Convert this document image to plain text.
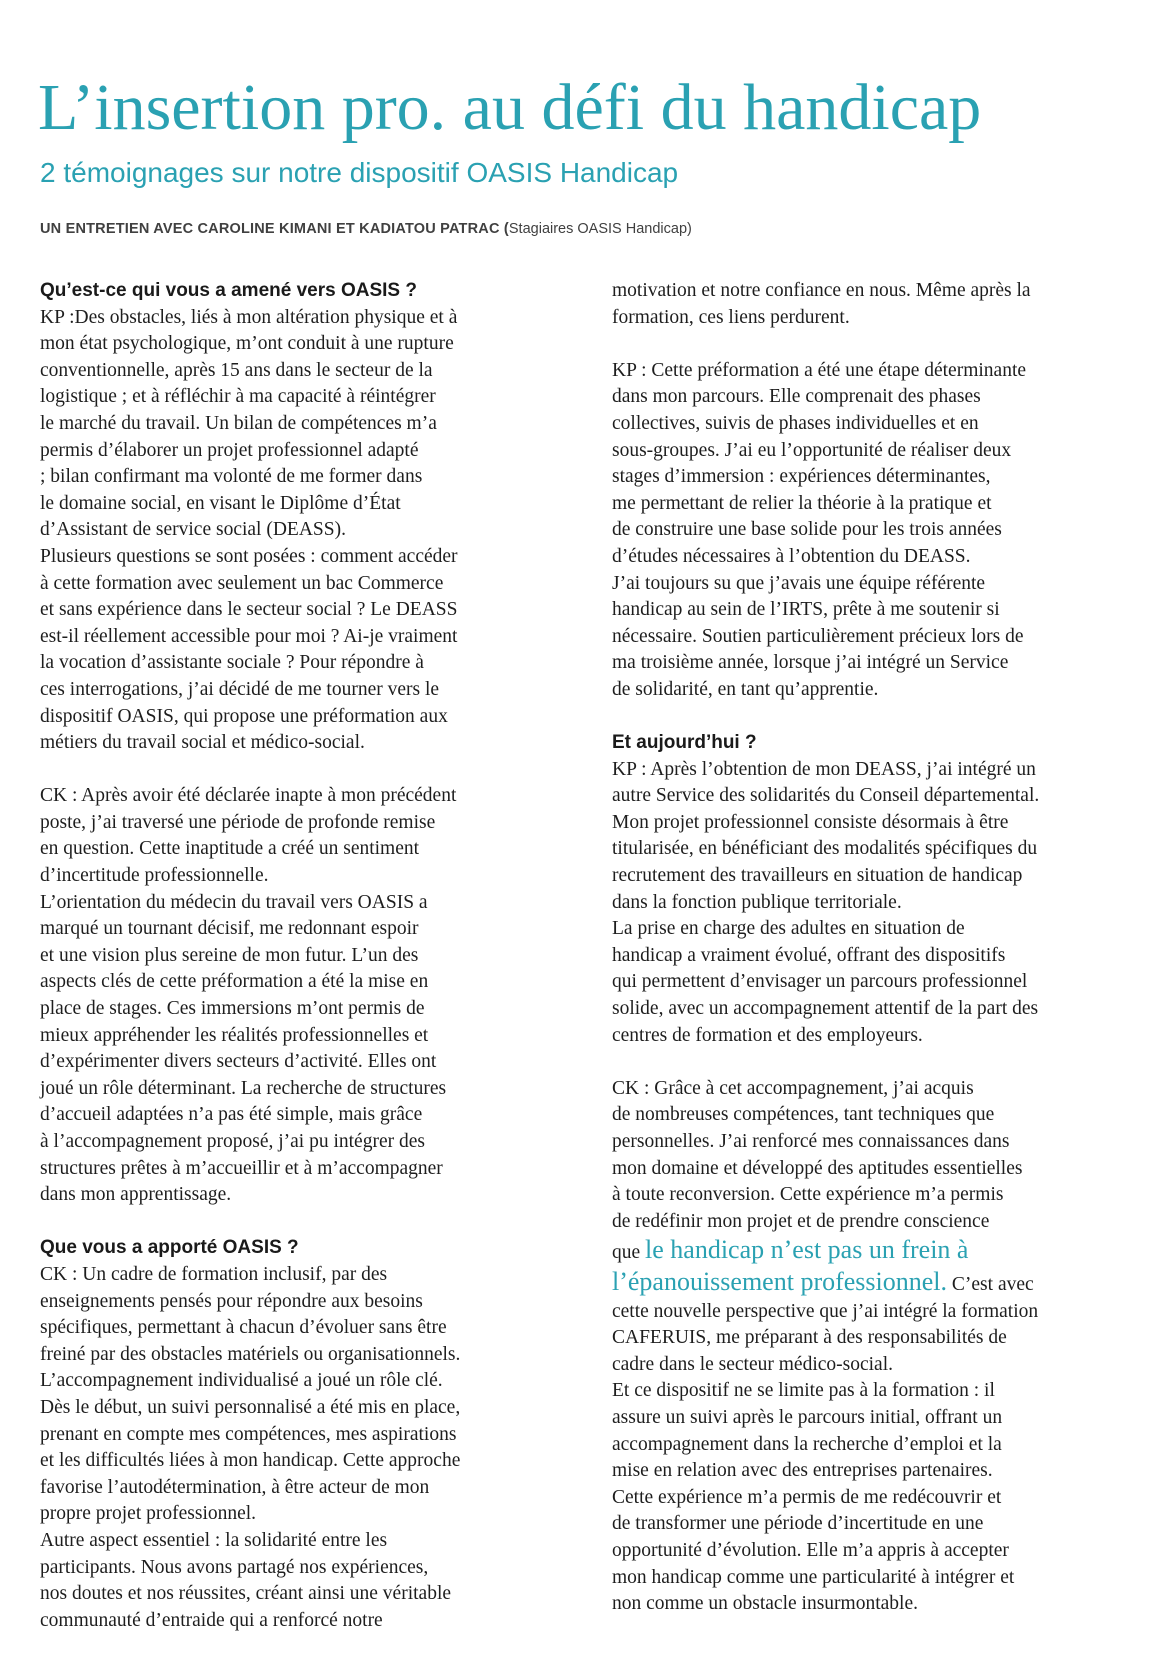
L’insertion pro. au défi du handicap
2 témoignages sur notre dispositif OASIS Handicap
UN ENTRETIEN AVEC CAROLINE KIMANI ET KADIATOU PATRAC (Stagiaires OASIS Handicap)
Qu’est-ce qui vous a amené vers OASIS ?

KP :Des obstacles, liés à mon altération physique et à
mon état psychologique, m’ont conduit à une rupture
conventionnelle, après 15 ans dans le secteur de la
logistique ; et à réfléchir à ma capacité à réintégrer
le marché du travail. Un bilan de compétences m’a
permis d’élaborer un projet professionnel adapté
; bilan confirmant ma volonté de me former dans
le domaine social, en visant le Diplôme d’État
d’Assistant de service social (DEASS).
Plusieurs questions se sont posées : comment accéder
à cette formation avec seulement un bac Commerce
et sans expérience dans le secteur social ? Le DEASS
est-il réellement accessible pour moi ? Ai-je vraiment
la vocation d’assistante sociale ? Pour répondre à
ces interrogations, j’ai décidé de me tourner vers le
dispositif OASIS, qui propose une préformation aux
métiers du travail social et médico-social.

CK : Après avoir été déclarée inapte à mon précédent
poste, j’ai traversé une période de profonde remise
en question. Cette inaptitude a créé un sentiment
d’incertitude professionnelle.
L’orientation du médecin du travail vers OASIS a
marqué un tournant décisif, me redonnant espoir
et une vision plus sereine de mon futur. L’un des
aspects clés de cette préformation a été la mise en
place de stages. Ces immersions m’ont permis de
mieux appréhender les réalités professionnelles et
d’expérimenter divers secteurs d’activité. Elles ont
joué un rôle déterminant. La recherche de structures
d’accueil adaptées n’a pas été simple, mais grâce
à l’accompagnement proposé, j’ai pu intégrer des
structures prêtes à m’accueillir et à m’accompagner
dans mon apprentissage.

Que vous a apporté OASIS ?

CK : Un cadre de formation inclusif, par des
enseignements pensés pour répondre aux besoins
spécifiques, permettant à chacun d’évoluer sans être
freiné par des obstacles matériels ou organisationnels.
L’accompagnement individualisé a joué un rôle clé.
Dès le début, un suivi personnalisé a été mis en place,
prenant en compte mes compétences, mes aspirations
et les difficultés liées à mon handicap. Cette approche
favorise l’autodétermination, à être acteur de mon
propre projet professionnel.
Autre aspect essentiel : la solidarité entre les
participants. Nous avons partagé nos expériences,
nos doutes et nos réussites, créant ainsi une véritable
communauté d’entraide qui a renforcé notre

motivation et notre confiance en nous. Même après la
formation, ces liens perdurent.

KP : Cette préformation a été une étape déterminante
dans mon parcours. Elle comprenait des phases
collectives, suivis de phases individuelles et en
sous-groupes. J’ai eu l’opportunité de réaliser deux
stages d’immersion : expériences déterminantes,
me permettant de relier la théorie à la pratique et
de construire une base solide pour les trois années
d’études nécessaires à l’obtention du DEASS.
J’ai toujours su que j’avais une équipe référente
handicap au sein de l’IRTS, prête à me soutenir si
nécessaire. Soutien particulièrement précieux lors de
ma troisième année, lorsque j’ai intégré un Service
de solidarité, en tant qu’apprentie.

Et aujourd’hui ?

KP : Après l’obtention de mon DEASS, j’ai intégré un
autre Service des solidarités du Conseil départemental.
Mon projet professionnel consiste désormais à être
titularisée, en bénéficiant des modalités spécifiques du
recrutement des travailleurs en situation de handicap
dans la fonction publique territoriale.
La prise en charge des adultes en situation de
handicap a vraiment évolué, offrant des dispositifs
qui permettent d’envisager un parcours professionnel
solide, avec un accompagnement attentif de la part des
centres de formation et des employeurs.

CK : Grâce à cet accompagnement, j’ai acquis
de nombreuses compétences, tant techniques que
personnelles. J’ai renforcé mes connaissances dans
mon domaine et développé des aptitudes essentielles
à toute reconversion. Cette expérience m’a permis
de redéfinir mon projet et de prendre conscience

que le handicap n’est pas un frein à
l’épanouissement professionnel. C’est avec

cette nouvelle perspective que j’ai intégré la formation
CAFERUIS, me préparant à des responsabilités de
cadre dans le secteur médico-social.
Et ce dispositif ne se limite pas à la formation : il
assure un suivi après le parcours initial, offrant un
accompagnement dans la recherche d’emploi et la
mise en relation avec des entreprises partenaires.
Cette expérience m’a permis de me redécouvrir et
de transformer une période d’incertitude en une
opportunité d’évolution. Elle m’a appris à accepter
mon handicap comme une particularité à intégrer et
non comme un obstacle insurmontable.
